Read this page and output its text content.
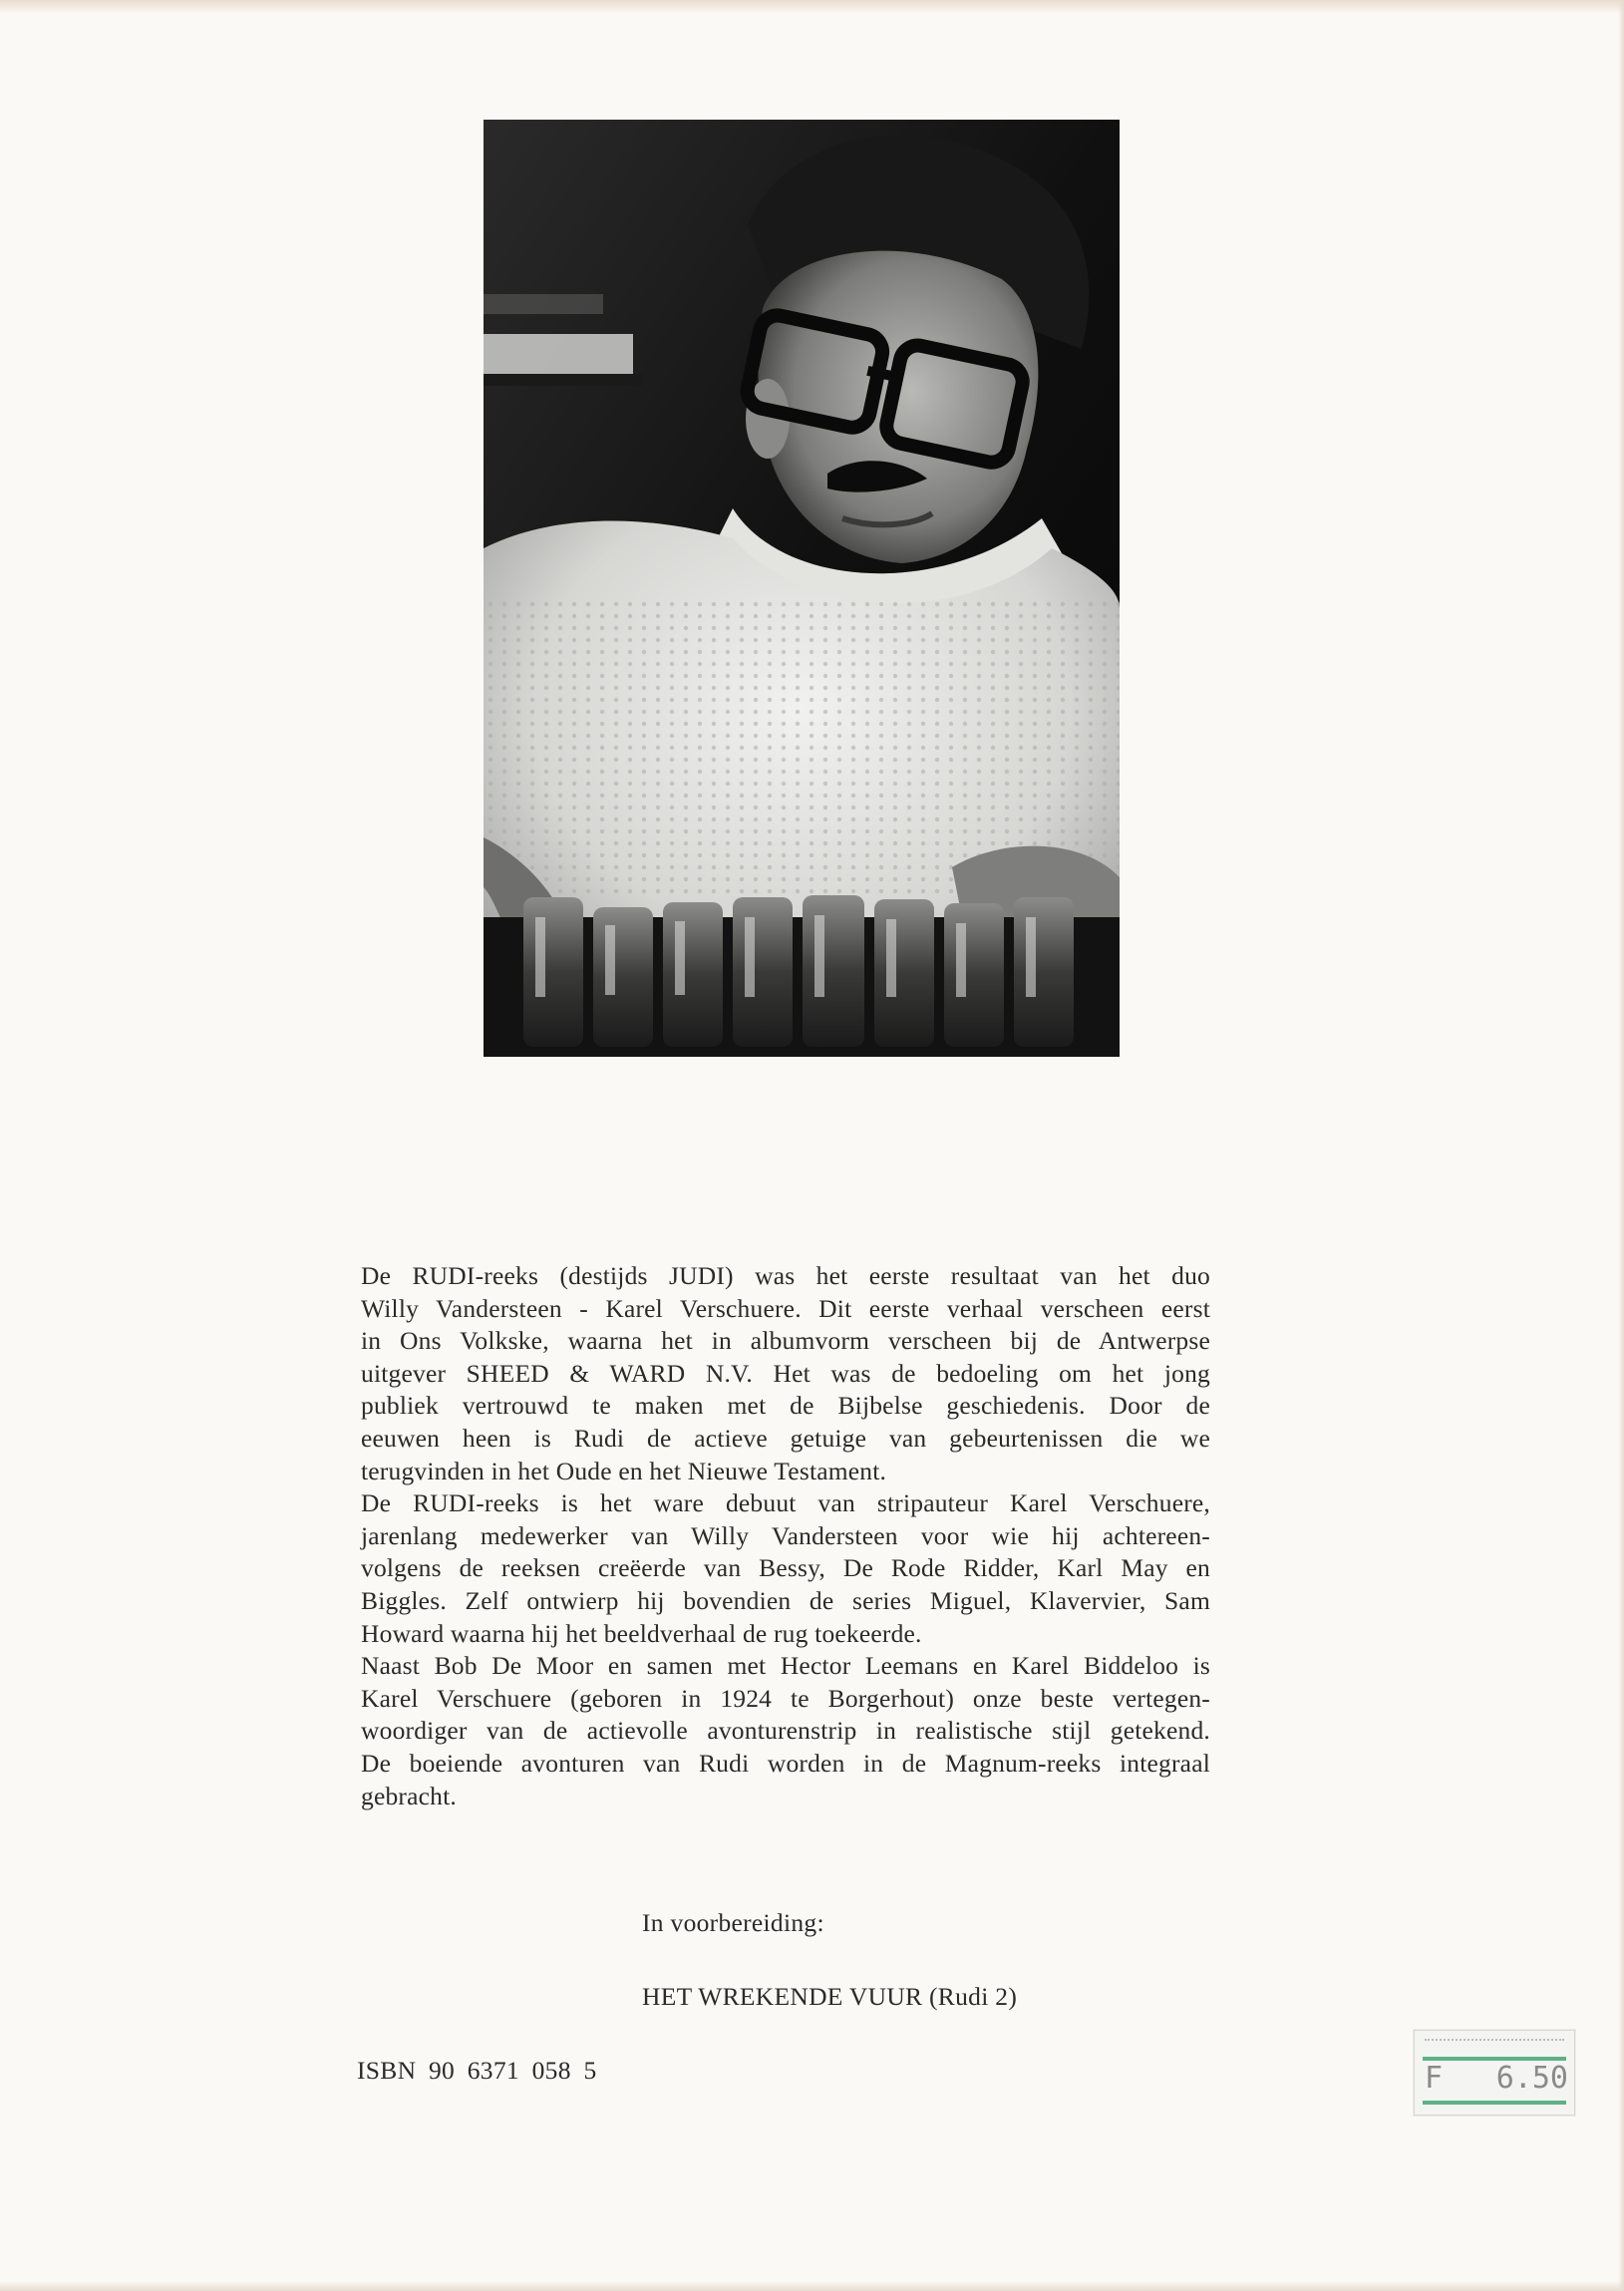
De RUDI-reeks (destijds JUDI) was het eerste resultaat van het duo
Willy Vandersteen - Karel Verschuere. Dit eerste verhaal verscheen eerst
in Ons Volkske, waarna het in albumvorm verscheen bij de Antwerpse
uitgever SHEED & WARD N.V. Het was de bedoeling om het jong
publiek vertrouwd te maken met de Bijbelse geschiedenis. Door de
eeuwen heen is Rudi de actieve getuige van gebeurtenissen die we
terugvinden in het Oude en het Nieuwe Testament.
De RUDI-reeks is het ware debuut van stripauteur Karel Verschuere,
jarenlang medewerker van Willy Vandersteen voor wie hij achtereen-
volgens de reeksen creëerde van Bessy, De Rode Ridder, Karl May en
Biggles. Zelf ontwierp hij bovendien de series Miguel, Klavervier, Sam
Howard waarna hij het beeldverhaal de rug toekeerde.
Naast Bob De Moor en samen met Hector Leemans en Karel Biddeloo is
Karel Verschuere (geboren in 1924 te Borgerhout) onze beste vertegen-
woordiger van de actievolle avonturenstrip in realistische stijl getekend.
De boeiende avonturen van Rudi worden in de Magnum-reeks integraal
gebracht.
In voorbereiding:
HET WREKENDE VUUR (Rudi 2)
ISBN 90 6371 058 5	F 6.50
